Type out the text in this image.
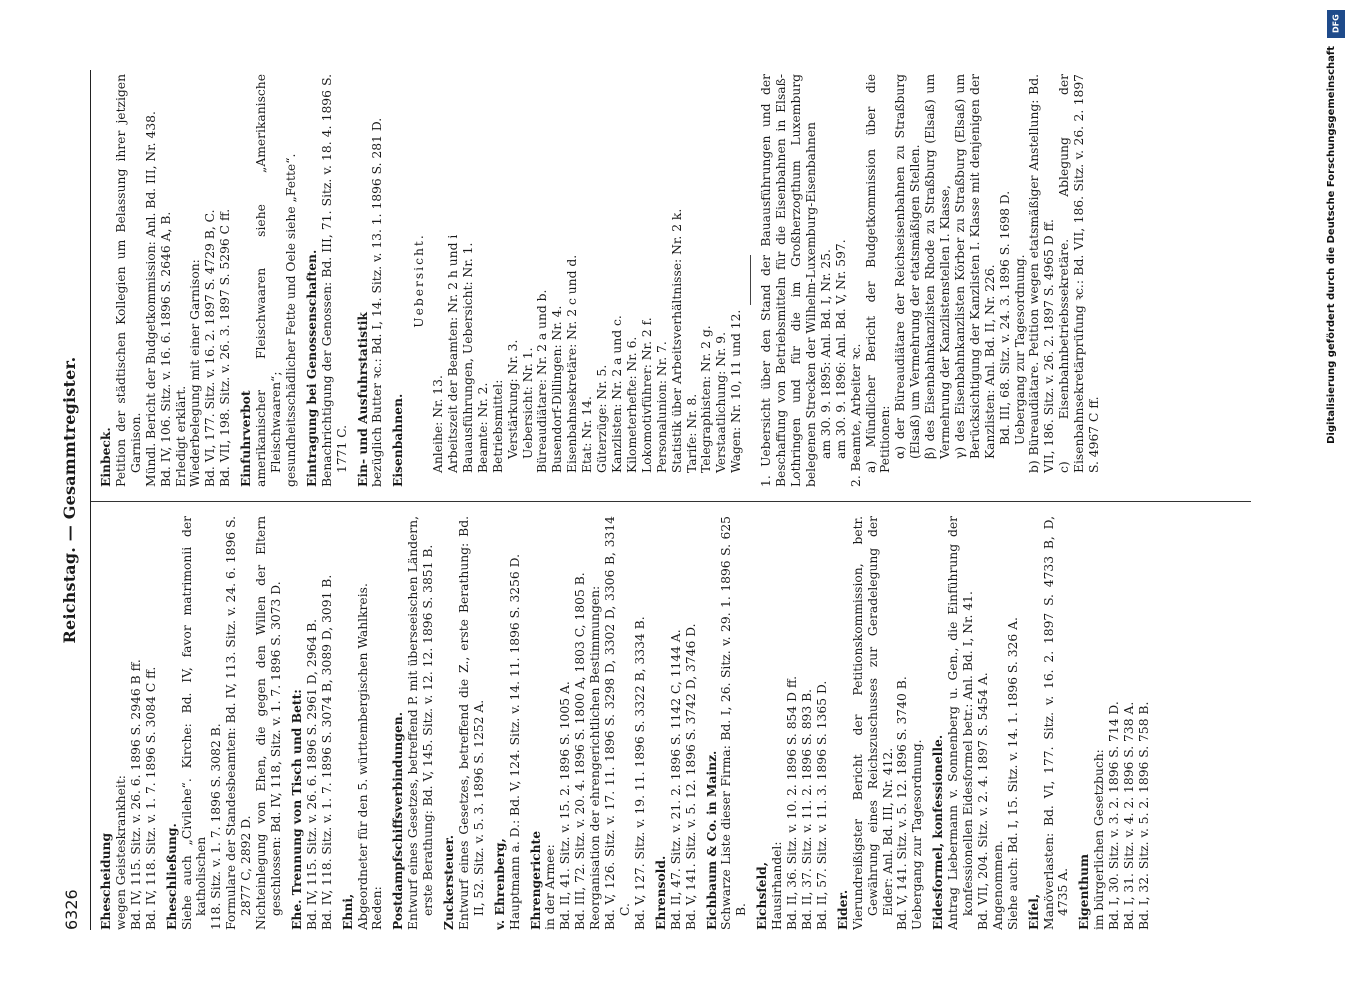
6326
Reichstag. — Gesammtregister.
Ehescheidung wegen Geisteskrankheit: Bd. IV, 115. Sitz. v. 26. 6. 1896 S. 2946 B ff. Bd. IV, 118. Sitz. v. 1. 7. 1896 S. 3084 C ff. Eheschließung. Siehe auch „Civilehe“. Kirche: Bd. IV, favor matrimonii der katholischen 118. Sitz. v. 1. 7. 1896 S. 3082 B. Formulare der Standesbeamten: Bd. IV, 113. Sitz. v. 24. 6. 1896 S. 2877 C, 2892 D. Nichteinlegung von Ehen, die gegen den Willen der Eltern geschlossen: Bd. IV, 118, Sitz. v. 1. 7. 1896 S. 3073 D. Ehe. Trennung von Tisch und Bett: Bd. IV, 115. Sitz. v. 26. 6. 1896 S. 2961 D, 2964 B. Bd. IV, 118. Sitz. v. 1. 7. 1896 S. 3074 B, 3089 D, 3091 B. Ehni, Abgeordneter für den 5. württembergischen Wahlkreis. Reden: Postdampfschiffsverbindungen. Entwurf eines Gesetzes, betreffend P. mit überseeischen Ländern, erste Berathung: Bd. V, 145. Sitz. v. 12. 12. 1896 S. 3851 B. Zuckersteuer. Entwurf eines Gesetzes, betreffend die Z., erste Berathung: Bd. II, 52. Sitz. v. 5. 3. 1896 S. 1252 A. v. Ehrenberg, Hauptmann a. D.: Bd. V, 124. Sitz. v. 14. 11. 1896 S. 3256 D. Ehrengerichte in der Armee: Bd. II, 41. Sitz. v. 15. 2. 1896 S. 1005 A. Bd. III, 72. Sitz. v. 20. 4. 1896 S. 1800 A, 1803 C, 1805 B. Reorganisation der ehrengerichtlichen Bestimmungen: Bd. V, 126. Sitz. v. 17. 11. 1896 S. 3298 D, 3302 D, 3306 B, 3314 C. Bd. V, 127. Sitz. v. 19. 11. 1896 S. 3322 B, 3334 B. Ehrensold. Bd. II, 47. Sitz. v. 21. 2. 1896 S. 1142 C, 1144 A. Bd. V, 141. Sitz. v. 5. 12. 1896 S. 3742 D, 3746 D. Eichbaum & Co. in Mainz. Schwarze Liste dieser Firma: Bd. I, 26. Sitz. v. 29. 1. 1896 S. 625 B. Eichsfeld, Hausirhandel: Bd. II, 36. Sitz. v. 10. 2. 1896 S. 854 D ff. Bd. II, 37. Sitz. v. 11. 2. 1896 S. 893 B. Bd. II, 57. Sitz. v. 11. 3. 1896 S. 1365 D. Eider. Vierundreißigster Bericht der Petitionskommission, betr. Gewährung eines Reichszuschusses zur Geradelegung der Eider: Anl. Bd. III, Nr. 412. Bd. V, 141. Sitz. v. 5. 12. 1896 S. 3740 B. Uebergang zur Tagesordnung. Eidesformel, konfessionelle. Antrag Liebermann v. Sonnenberg u. Gen., die Einführung der konfessionellen Eidesformel betr.: Anl. Bd. I, Nr. 41. Bd. VII, 204. Sitz. v. 2. 4. 1897 S. 5454 A. Angenommen. Siehe auch: Bd. I, 15. Sitz. v. 14. 1. 1896 S. 326 A. Eifel, Manöverlasten: Bd. VI, 177. Sitz. v. 16. 2. 1897 S. 4733 B, D, 4735 A. Eigenthum im bürgerlichen Gesetzbuch: Bd. I, 30. Sitz. v. 3. 2. 1896 S. 714 D. Bd. I, 31. Sitz. v. 4. 2. 1896 S. 738 A. Bd. I, 32. Sitz. v. 5. 2. 1896 S. 758 B.
Einbeck. Petition der städtischen Kollegien um Belassung ihrer jetzigen Garnison. Mündl. Bericht der Budgetkommission: Anl. Bd. III, Nr. 438. Bd. IV, 106. Sitz. v. 16. 6. 1896 S. 2646 A, B. Erledigt erklärt. Wiederbelegung mit einer Garnison: Bd. VI, 177. Sitz. v. 16. 2. 1897 S. 4729 B, C. Bd. VII, 198. Sitz. v. 26. 3. 1897 S. 5296 C ff. Einfuhrverbot amerikanischer Fleischwaaren siehe „Amerikanische Fleischwaaren“; gesundheitsschädlicher Fette und Oele siehe „Fette“. Eintragung bei Genossenschaften. Benachrichtigung der Genossen: Bd. III, 71. Sitz. v. 18. 4. 1896 S. 1771 C. Ein- und Ausfuhrstatistik bezüglich Butter ꝛc.: Bd. I, 14. Sitz. v. 13. 1. 1896 S. 281 D. Eisenbahnen.
Uebersicht.
Anleihe: Nr. 13. Arbeitszeit der Beamten: Nr. 2 h und i Bauausführungen, Uebersicht: Nr. 1. Beamte: Nr. 2. Betriebsmittel: Verstärkung: Nr. 3. Uebersicht: Nr. 1. Büreaudiätare: Nr. 2 a und b. Busendorf-Dillingen: Nr. 4. Eisenbahnsekretäre: Nr. 2 c und d. Etat: Nr. 14. Güterzüge: Nr. 5. Kanzlisten: Nr. 2 a und c. Kilometerhefte: Nr. 6. Lokomotivführer: Nr. 2 f. Personalunion: Nr. 7. Statistik über Arbeitsverhältnisse: Nr. 2 k. Tarife: Nr. 8. Telegraphisten: Nr. 2 g. Verstaatlichung: Nr. 9. Wagen: Nr. 10, 11 und 12. 1. Uebersicht über den Stand der Bauausführungen und der Beschaffung von Betriebsmitteln für die Eisenbahnen in Elsaß-Lothringen und für die im Großherzogthum Luxemburg belegenen Strecken der Wilhelm-Luxemburg-Eisenbahnen am 30. 9. 1895: Anl. Bd. I, Nr. 25. am 30. 9. 1896: Anl. Bd. V, Nr. 597. 2. Beamte, Arbeiter ꝛc. a) Mündlicher Bericht der Budgetkommission über die Petitionen: α) der Büreaudiätare der Reichseisenbahnen zu Straßburg (Elsaß) um Vermehrung der etatsmäßigen Stellen. β) des Eisenbahnkanzlisten Rhode zu Straßburg (Elsaß) um Vermehrung der Kanzlistenstellen I. Klasse, γ) des Eisenbahnkanzlisten Körber zu Straßburg (Elsaß) um Berücksichtigung der Kanzlisten I. Klasse mit denjenigen der Kanzlisten: Anl. Bd. II, Nr. 226. Bd. III, 68. Sitz. v. 24. 3. 1896 S. 1698 D. Uebergang zur Tagesordnung. b) Büreaudiätare. Petition wegen etatsmäßiger Anstellung: Bd. VII, 186. Sitz. v. 26. 2. 1897 S. 4965 D ff. c) Eisenbahnbetriebssekretäre. Ablegung der Eisenbahnsekretärprüfung ꝛc.: Bd. VII, 186. Sitz. v. 26. 2. 1897 S. 4967 C ff.
DFG
Digitalisierung gefördert durch die Deutsche Forschungsgemeinschaft
